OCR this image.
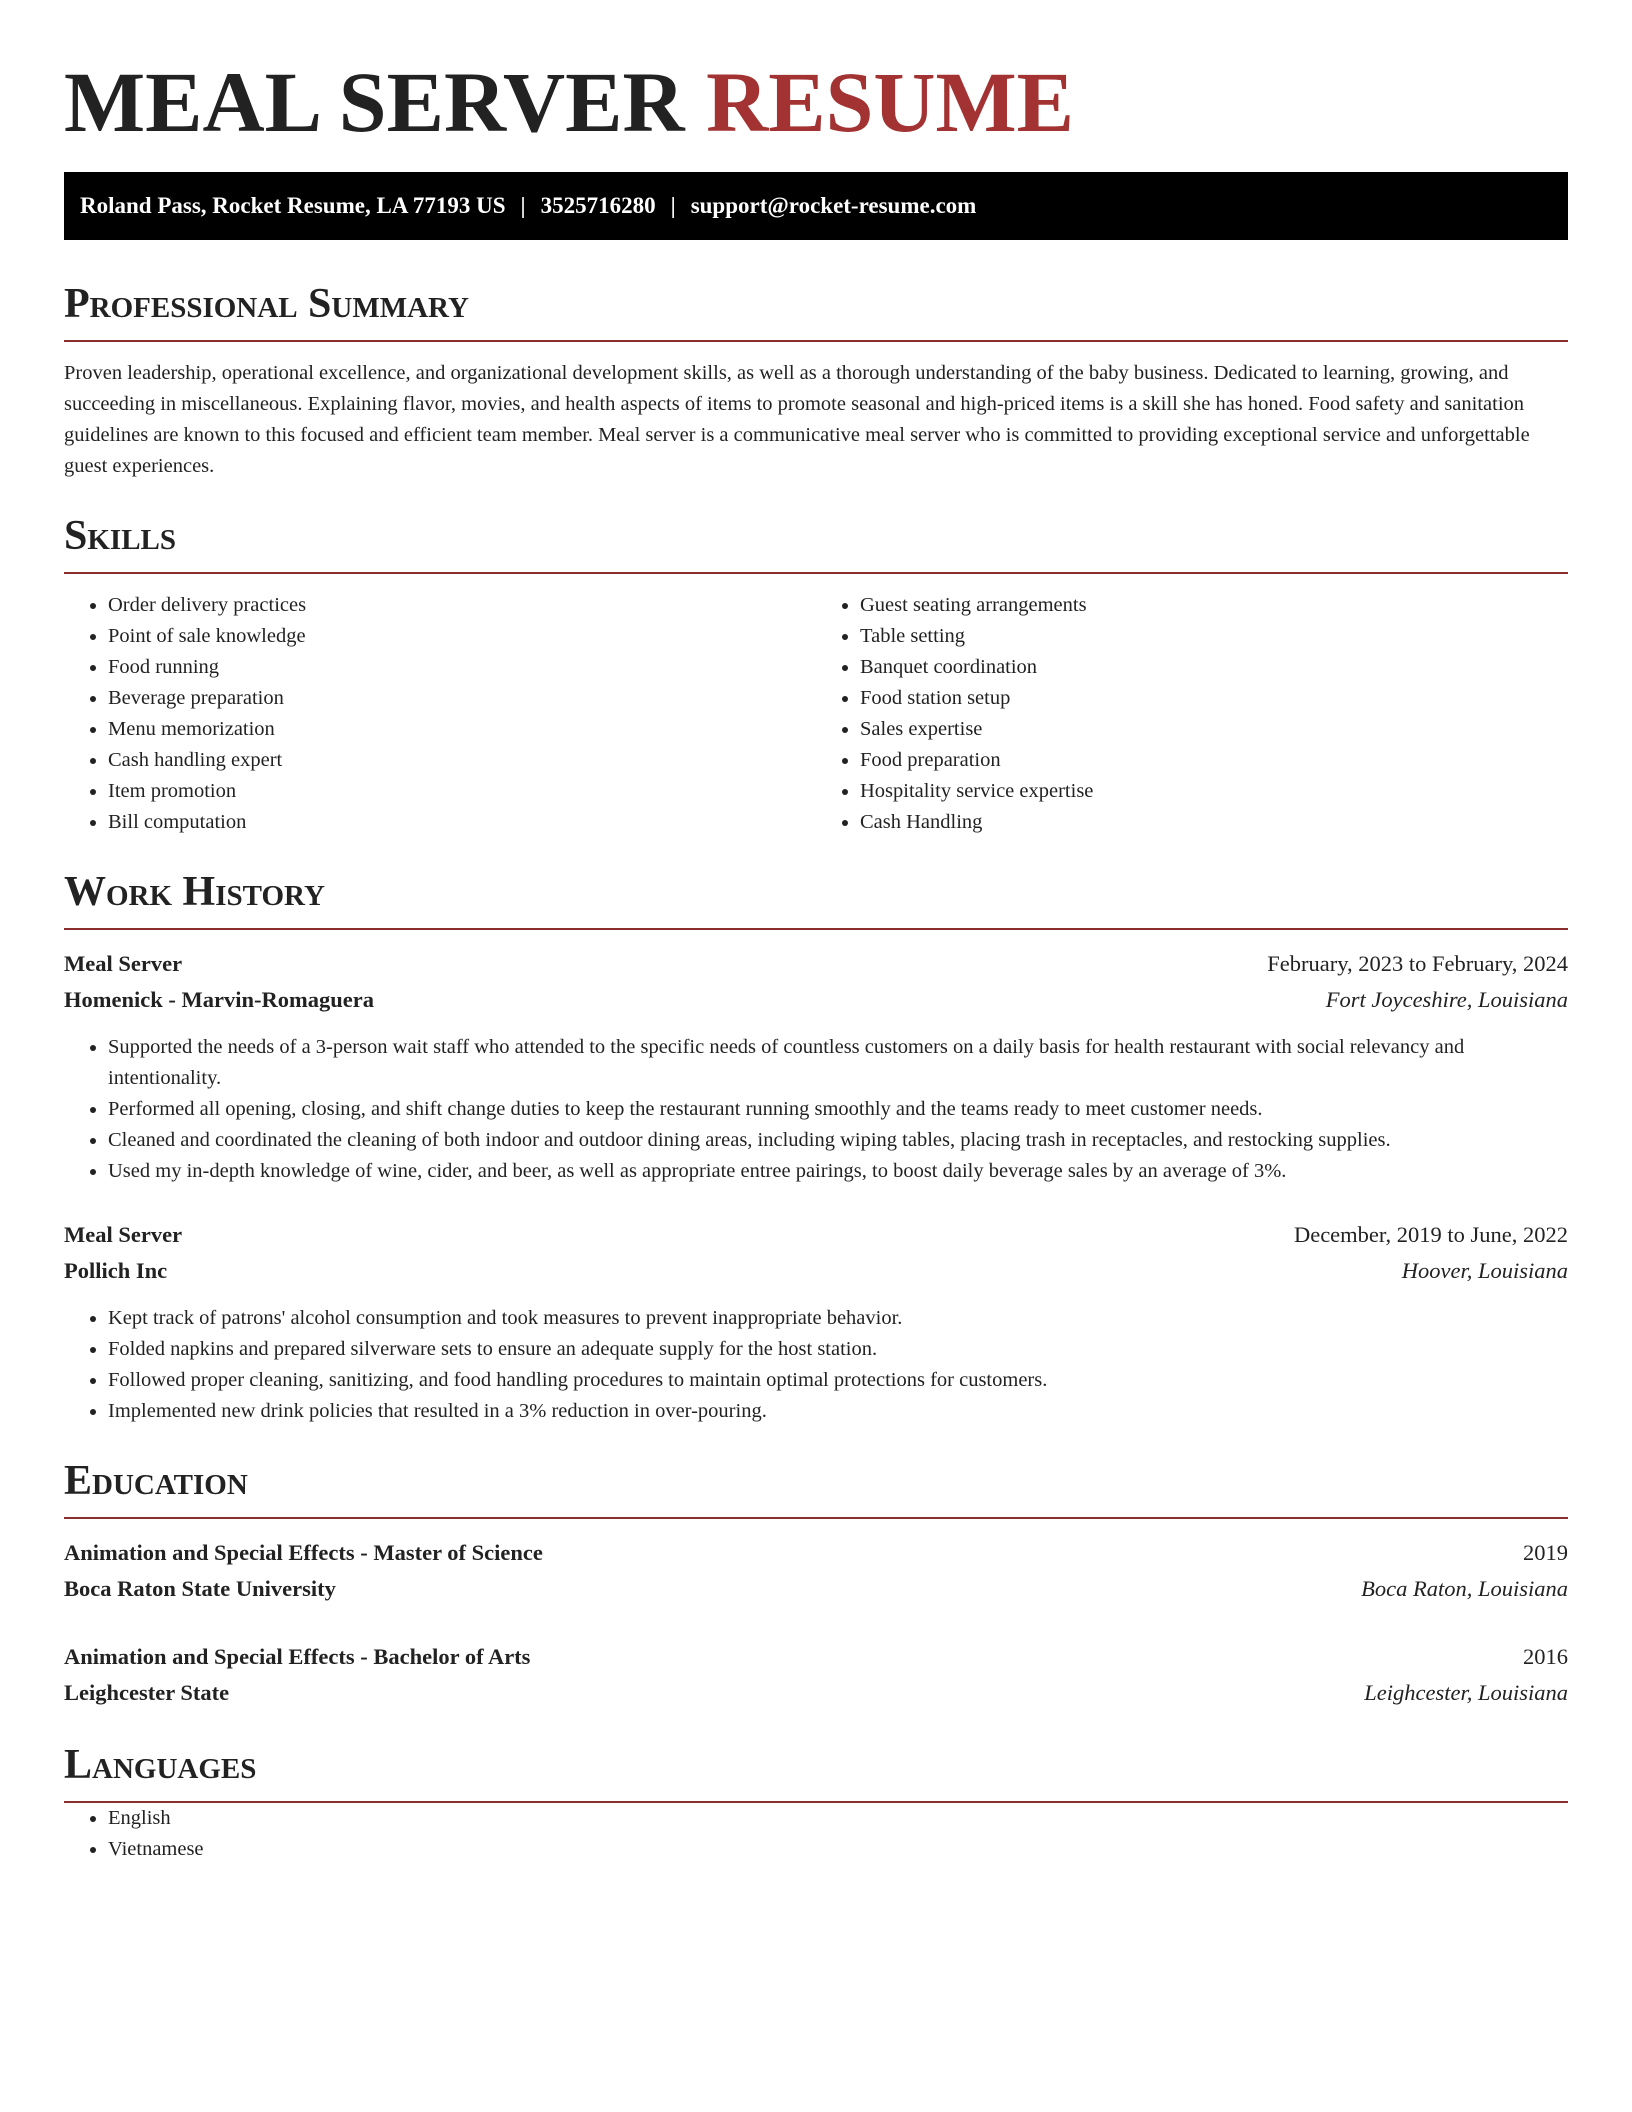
MEAL SERVER RESUME
Roland Pass, Rocket Resume, LA 77193 US | 3525716280 | support@rocket-resume.com
Professional Summary

Proven leadership, operational excellence, and organizational development skills, as well as a thorough understanding of the baby business. Dedicated to learning, growing, and succeeding in miscellaneous. Explaining flavor, movies, and health aspects of items to promote seasonal and high-priced items is a skill she has honed. Food safety and sanitation guidelines are known to this focused and efficient team member. Meal server is a communicative meal server who is committed to providing exceptional service and unforgettable guest experiences.

Skills
• Order delivery practices
• Point of sale knowledge
• Food running
• Beverage preparation
• Menu memorization
• Cash handling expert
• Item promotion
• Bill computation
• Guest seating arrangements
• Table setting
• Banquet coordination
• Food station setup
• Sales expertise
• Food preparation
• Hospitality service expertise
• Cash Handling
Work History
Meal Server	February, 2023 to February, 2024
Homenick - Marvin-Romaguera	Fort Joyceshire, Louisiana
• Supported the needs of a 3-person wait staff who attended to the specific needs of countless customers on a daily basis for health restaurant with social relevancy and intentionality.
• Performed all opening, closing, and shift change duties to keep the restaurant running smoothly and the teams ready to meet customer needs.
• Cleaned and coordinated the cleaning of both indoor and outdoor dining areas, including wiping tables, placing trash in receptacles, and restocking supplies.
• Used my in-depth knowledge of wine, cider, and beer, as well as appropriate entree pairings, to boost daily beverage sales by an average of 3%.
Meal Server	December, 2019 to June, 2022
Pollich Inc	Hoover, Louisiana
• Kept track of patrons' alcohol consumption and took measures to prevent inappropriate behavior.
• Folded napkins and prepared silverware sets to ensure an adequate supply for the host station.
• Followed proper cleaning, sanitizing, and food handling procedures to maintain optimal protections for customers.
• Implemented new drink policies that resulted in a 3% reduction in over-pouring.
Education
Animation and Special Effects - Master of Science	2019
Boca Raton State University	Boca Raton, Louisiana
Animation and Special Effects - Bachelor of Arts	2016
Leighcester State	Leighcester, Louisiana
Languages
• English
• Vietnamese
